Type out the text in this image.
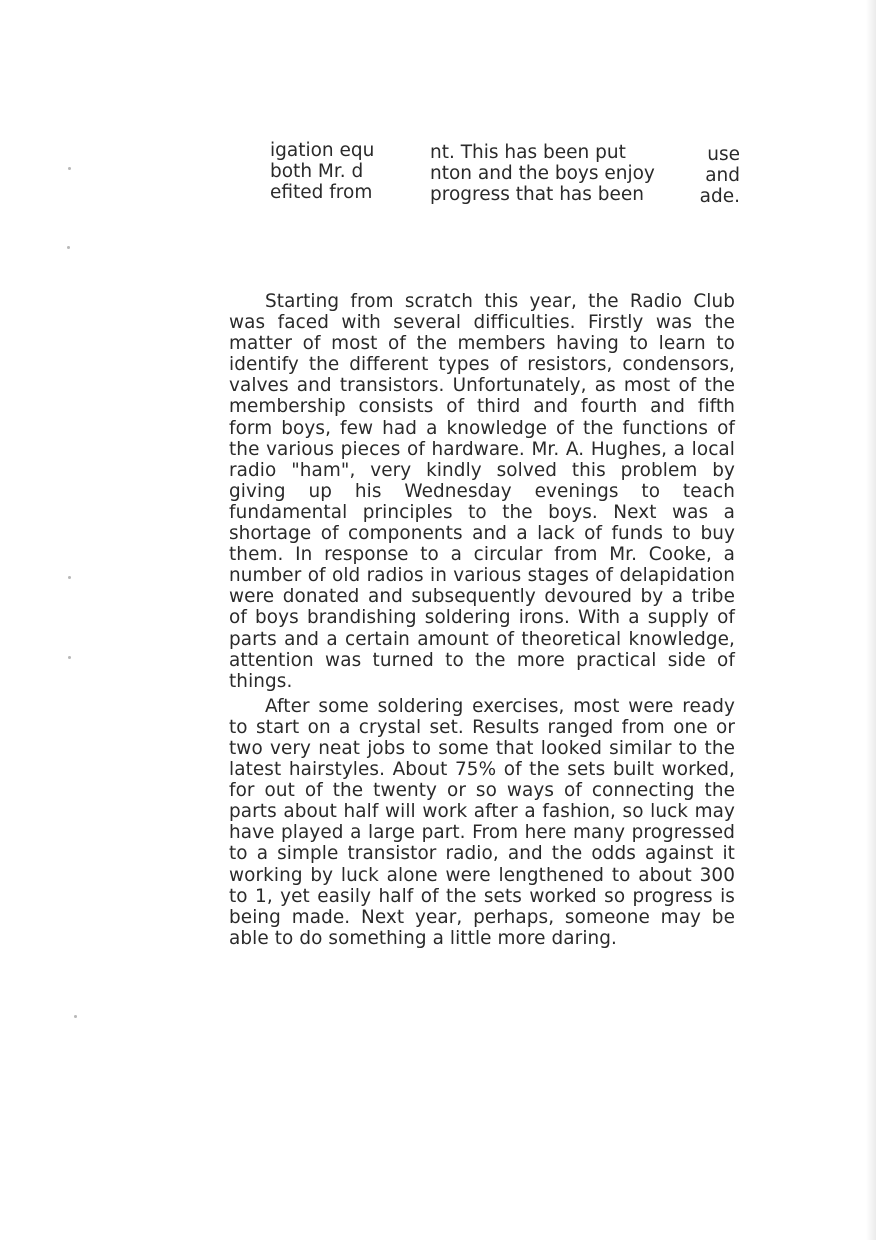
igation equ
both Mr. d
efited from
nt. This has been put
nton and the boys enjoy
progress that has been
use
and
ade.

Starting from scratch this year, the Radio Club was faced with several difficulties. Firstly was the matter of most of the members having to learn to identify the different types of resistors, condensors, valves and transistors. Unfortunately, as most of the membership consists of third and fourth and fifth form boys, few had a knowledge of the functions of the various pieces of hardware. Mr. A. Hughes, a local radio "ham", very kindly solved this problem by giving up his Wednesday evenings to teach fundamental principles to the boys. Next was a shortage of components and a lack of funds to buy them. In response to a circular from Mr. Cooke, a number of old radios in various stages of delapidation were donated and subsequently devoured by a tribe of boys brandishing soldering irons. With a supply of parts and a certain amount of theoretical knowledge, attention was turned to the more practical side of things.

After some soldering exercises, most were ready to start on a crystal set. Results ranged from one or two very neat jobs to some that looked similar to the latest hairstyles. About 75% of the sets built worked, for out of the twenty or so ways of connecting the parts about half will work after a fashion, so luck may have played a large part. From here many progressed to a simple transistor radio, and the odds against it working by luck alone were lengthened to about 300 to 1, yet easily half of the sets worked so progress is being made. Next year, perhaps, someone may be able to do something a little more daring.
